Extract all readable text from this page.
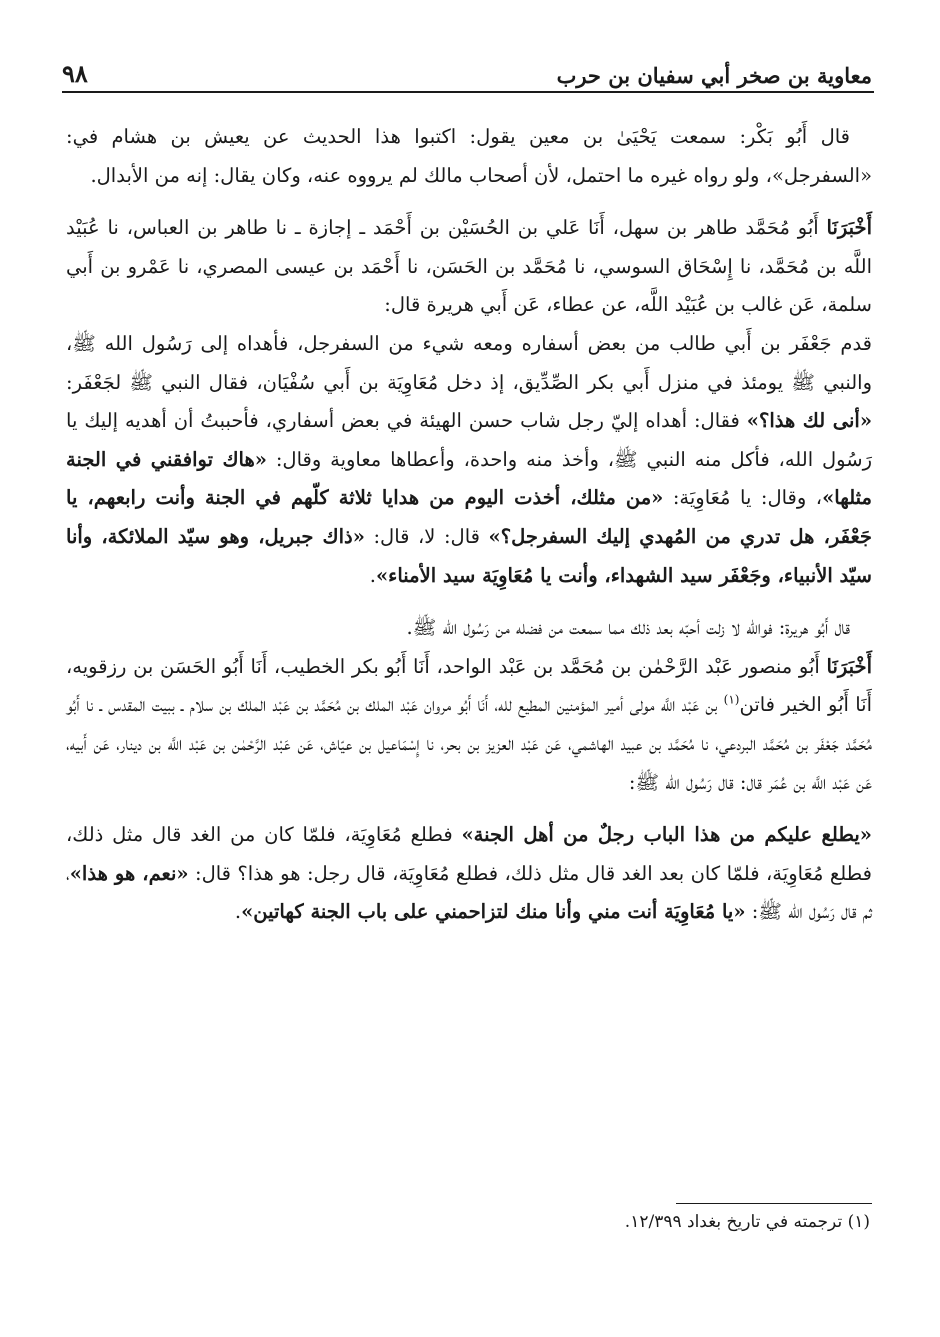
معاوية بن صخر أبي سفيان بن حرب
٩٨

قال أَبُو بَكْر: سمعت يَحْيَىٰ بن معين يقول: اكتبوا هذا الحديث عن يعيش بن هشام في: «السفرجل»، ولو رواه غيره ما احتمل، لأن أصحاب مالك لم يرووه عنه، وكان يقال: إنه من الأبدال.

أَخْبَرَنَا أَبُو مُحَمَّد طاهر بن سهل، أَنَا عَلي بن الحُسَيْن بن أَحْمَد ـ إجازة ـ نا طاهر بن العباس، نا عُبَيْد اللَّه بن مُحَمَّد، نا إِسْحَاق السوسي، نا مُحَمَّد بن الحَسَن، نا أَحْمَد بن عيسى المصري، نا عَمْرو بن أَبي سلمة، عَن غالب بن عُبَيْد اللَّه، عن عطاء، عَن أَبي هريرة قال:

قدم جَعْفَر بن أَبي طالب من بعض أسفاره ومعه شيء من السفرجل، فأهداه إلى رَسُول الله ﷺ، والنبي ﷺ يومئذ في منزل أَبي بكر الصِّدِّيق، إذ دخل مُعَاوِيَة بن أَبي سُفْيَان، فقال النبي ﷺ لجَعْفَر: «أنى لك هذا؟» فقال: أهداه إليّ رجل شاب حسن الهيئة في بعض أسفاري، فأحببتُ أن أهديه إليك يا رَسُول الله، فأكل منه النبي ﷺ، وأخذ منه واحدة، وأعطاها معاوية وقال: «هاك توافقني في الجنة مثلها»، وقال: يا مُعَاوِيَة: «من مثلك، أخذت اليوم من هدايا ثلاثة كلّهم في الجنة وأنت رابعهم، يا جَعْفَر، هل تدري من المُهدي إليك السفرجل؟» قال: لا، قال: «ذاك جبريل، وهو سيّد الملائكة، وأنا سيّد الأنبياء، وجَعْفَر سيد الشهداء، وأنت يا مُعَاوِيَة سيد الأمناء».

قال أَبُو هريرة: فوالله لا زلت أحبّه بعد ذلك مما سمعت من فضله من رَسُول الله ﷺ.

أَخْبَرَنَا أَبُو منصور عَبْد الرَّحْمٰن بن مُحَمَّد بن عَبْد الواحد، أَنَا أَبُو بكر الخطيب، أَنَا أَبُو الحَسَن بن رزقويه، أَنَا أَبُو الخير فاتن$^{(١)}$ بن عَبْد اللَّه مولى أمير المؤمنين المطيع لله، أَنَا أَبُو مروان عَبْد الملك بن مُحَمَّد بن عَبْد الملك بن سلام ـ ببيت المقدس ـ نا أَبُو مُحَمَّد جَعْفَر بن مُحَمَّد البردعي، نا مُحَمَّد بن عبيد الهاشمي، عَن عَبْد العزيز بن بحر، نا إِسْمَاعيل بن عيّاش، عَن عَبْد الرَّحْمٰن بن عَبْد اللَّه بن دينار، عَن أَبيه، عَن عَبْد اللَّه بن عُمَر قال: قال رَسُول الله ﷺ:

«يطلع عليكم من هذا الباب رجلٌ من أهل الجنة» فطلع مُعَاوِيَة، فلمّا كان من الغد قال مثل ذلك، فطلع مُعَاوِيَة، فلمّا كان بعد الغد قال مثل ذلك، فطلع مُعَاوِيَة، قال رجل: هو هذا؟ قال: «نعم، هو هذا»، ثم قال رَسُول الله ﷺ: «يا مُعَاوِيَة أنت مني وأنا منك لتزاحمني على باب الجنة كهاتين».

(١) ترجمته في تاريخ بغداد ١٢/٣٩٩.
